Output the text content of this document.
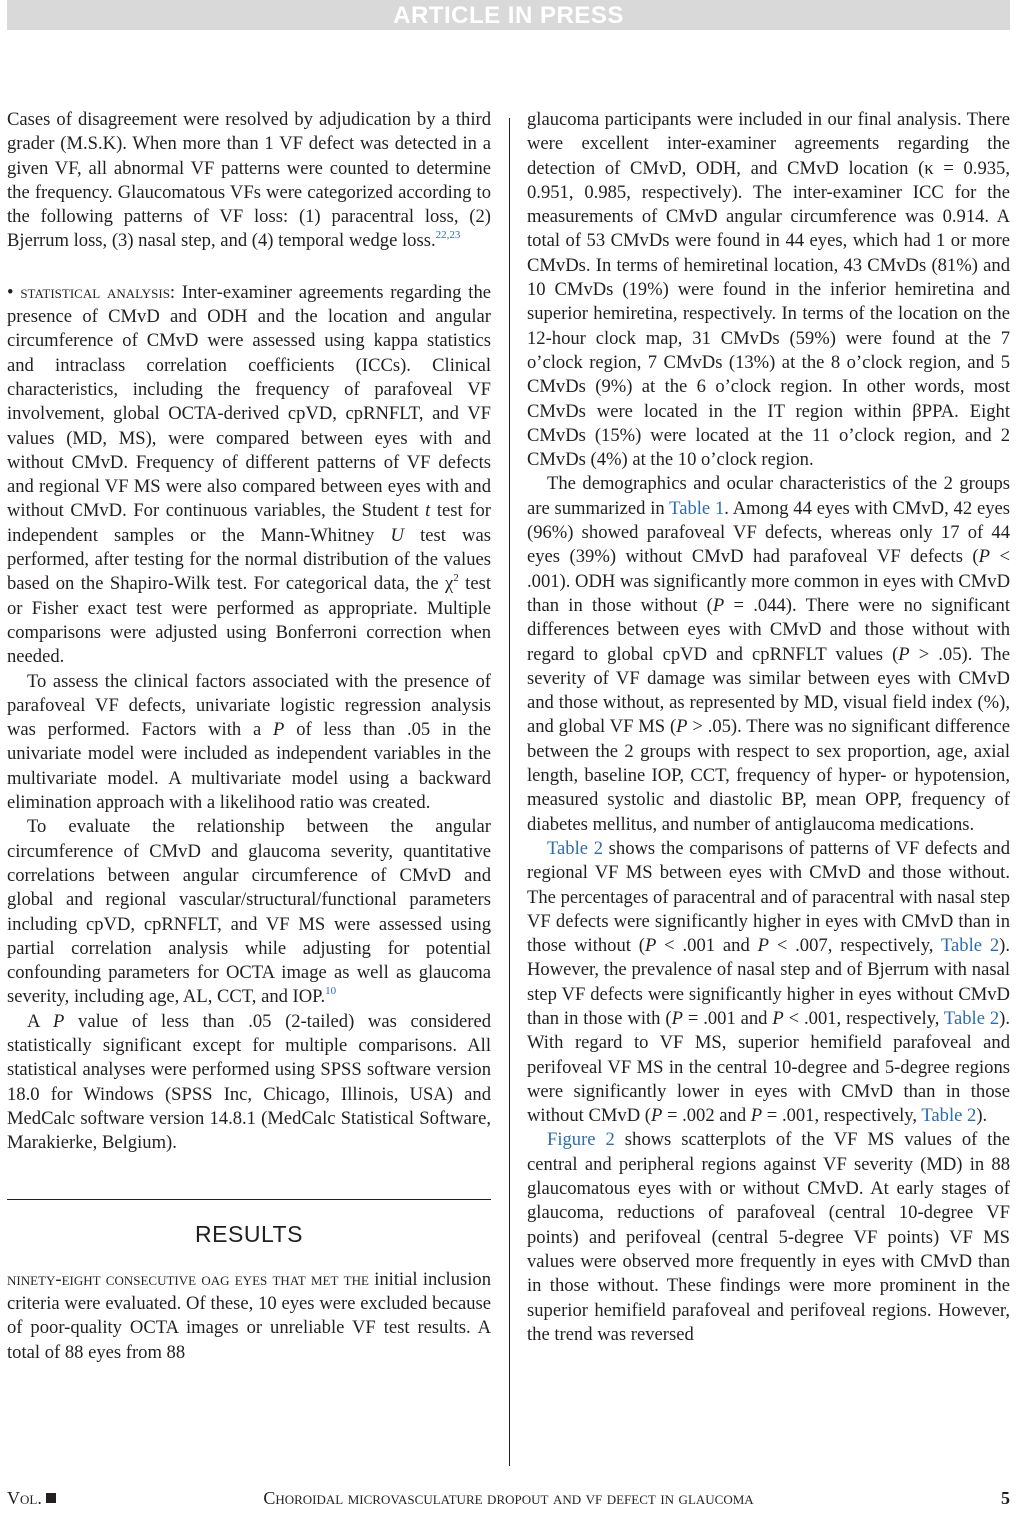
ARTICLE IN PRESS

Cases of disagreement were resolved by adjudication by a third grader (M.S.K). When more than 1 VF defect was detected in a given VF, all abnormal VF patterns were counted to determine the frequency. Glaucomatous VFs were categorized according to the following patterns of VF loss: (1) paracentral loss, (2) Bjerrum loss, (3) nasal step, and (4) temporal wedge loss.$^{22,23}$

• statistical analysis: Inter-examiner agreements regarding the presence of CMvD and ODH and the location and angular circumference of CMvD were assessed using kappa statistics and intraclass correlation coefficients (ICCs). Clinical characteristics, including the frequency of parafoveal VF involvement, global OCTA-derived cpVD, cpRNFLT, and VF values (MD, MS), were compared between eyes with and without CMvD. Frequency of different patterns of VF defects and regional VF MS were also compared between eyes with and without CMvD. For continuous variables, the Student t test for independent samples or the Mann-Whitney U test was performed, after testing for the normal distribution of the values based on the Shapiro-Wilk test. For categorical data, the $\chi^2$ test or Fisher exact test were performed as appropriate. Multiple comparisons were adjusted using Bonferroni correction when needed.

To assess the clinical factors associated with the presence of parafoveal VF defects, univariate logistic regression analysis was performed. Factors with a P of less than .05 in the univariate model were included as independent variables in the multivariate model. A multivariate model using a backward elimination approach with a likelihood ratio was created.

To evaluate the relationship between the angular circumference of CMvD and glaucoma severity, quantitative correlations between angular circumference of CMvD and global and regional vascular/structural/functional parameters including cpVD, cpRNFLT, and VF MS were assessed using partial correlation analysis while adjusting for potential confounding parameters for OCTA image as well as glaucoma severity, including age, AL, CCT, and IOP.$^{10}$

A P value of less than .05 (2-tailed) was considered statistically significant except for multiple comparisons. All statistical analyses were performed using SPSS software version 18.0 for Windows (SPSS Inc, Chicago, Illinois, USA) and MedCalc software version 14.8.1 (MedCalc Statistical Software, Marakierke, Belgium).

RESULTS

ninety-eight consecutive oag eyes that met the initial inclusion criteria were evaluated. Of these, 10 eyes were excluded because of poor-quality OCTA images or unreliable VF test results. A total of 88 eyes from 88

glaucoma participants were included in our final analysis. There were excellent inter-examiner agreements regarding the detection of CMvD, ODH, and CMvD location (κ = 0.935, 0.951, 0.985, respectively). The inter-examiner ICC for the measurements of CMvD angular circumference was 0.914. A total of 53 CMvDs were found in 44 eyes, which had 1 or more CMvDs. In terms of hemiretinal location, 43 CMvDs (81%) and 10 CMvDs (19%) were found in the inferior hemiretina and superior hemiretina, respectively. In terms of the location on the 12-hour clock map, 31 CMvDs (59%) were found at the 7 o’clock region, 7 CMvDs (13%) at the 8 o’clock region, and 5 CMvDs (9%) at the 6 o’clock region. In other words, most CMvDs were located in the IT region within βPPA. Eight CMvDs (15%) were located at the 11 o’clock region, and 2 CMvDs (4%) at the 10 o’clock region.

The demographics and ocular characteristics of the 2 groups are summarized in Table 1. Among 44 eyes with CMvD, 42 eyes (96%) showed parafoveal VF defects, whereas only 17 of 44 eyes (39%) without CMvD had parafoveal VF defects (P < .001). ODH was significantly more common in eyes with CMvD than in those without (P = .044). There were no significant differences between eyes with CMvD and those without with regard to global cpVD and cpRNFLT values (P > .05). The severity of VF damage was similar between eyes with CMvD and those without, as represented by MD, visual field index (%), and global VF MS (P > .05). There was no significant difference between the 2 groups with respect to sex proportion, age, axial length, baseline IOP, CCT, frequency of hyper- or hypotension, measured systolic and diastolic BP, mean OPP, frequency of diabetes mellitus, and number of antiglaucoma medications.

Table 2 shows the comparisons of patterns of VF defects and regional VF MS between eyes with CMvD and those without. The percentages of paracentral and of paracentral with nasal step VF defects were significantly higher in eyes with CMvD than in those without (P < .001 and P < .007, respectively, Table 2). However, the prevalence of nasal step and of Bjerrum with nasal step VF defects were significantly higher in eyes without CMvD than in those with (P = .001 and P < .001, respectively, Table 2). With regard to VF MS, superior hemifield parafoveal and perifoveal VF MS in the central 10-degree and 5-degree regions were significantly lower in eyes with CMvD than in those without CMvD (P = .002 and P = .001, respectively, Table 2).

Figure 2 shows scatterplots of the VF MS values of the central and peripheral regions against VF severity (MD) in 88 glaucomatous eyes with or without CMvD. At early stages of glaucoma, reductions of parafoveal (central 10-degree VF points) and perifoveal (central 5-degree VF points) VF MS values were observed more frequently in eyes with CMvD than in those without. These findings were more prominent in the superior hemifield parafoveal and perifoveal regions. However, the trend was reversed

Vol.	Choroidal microvasculature dropout and vf defect in glaucoma	5
